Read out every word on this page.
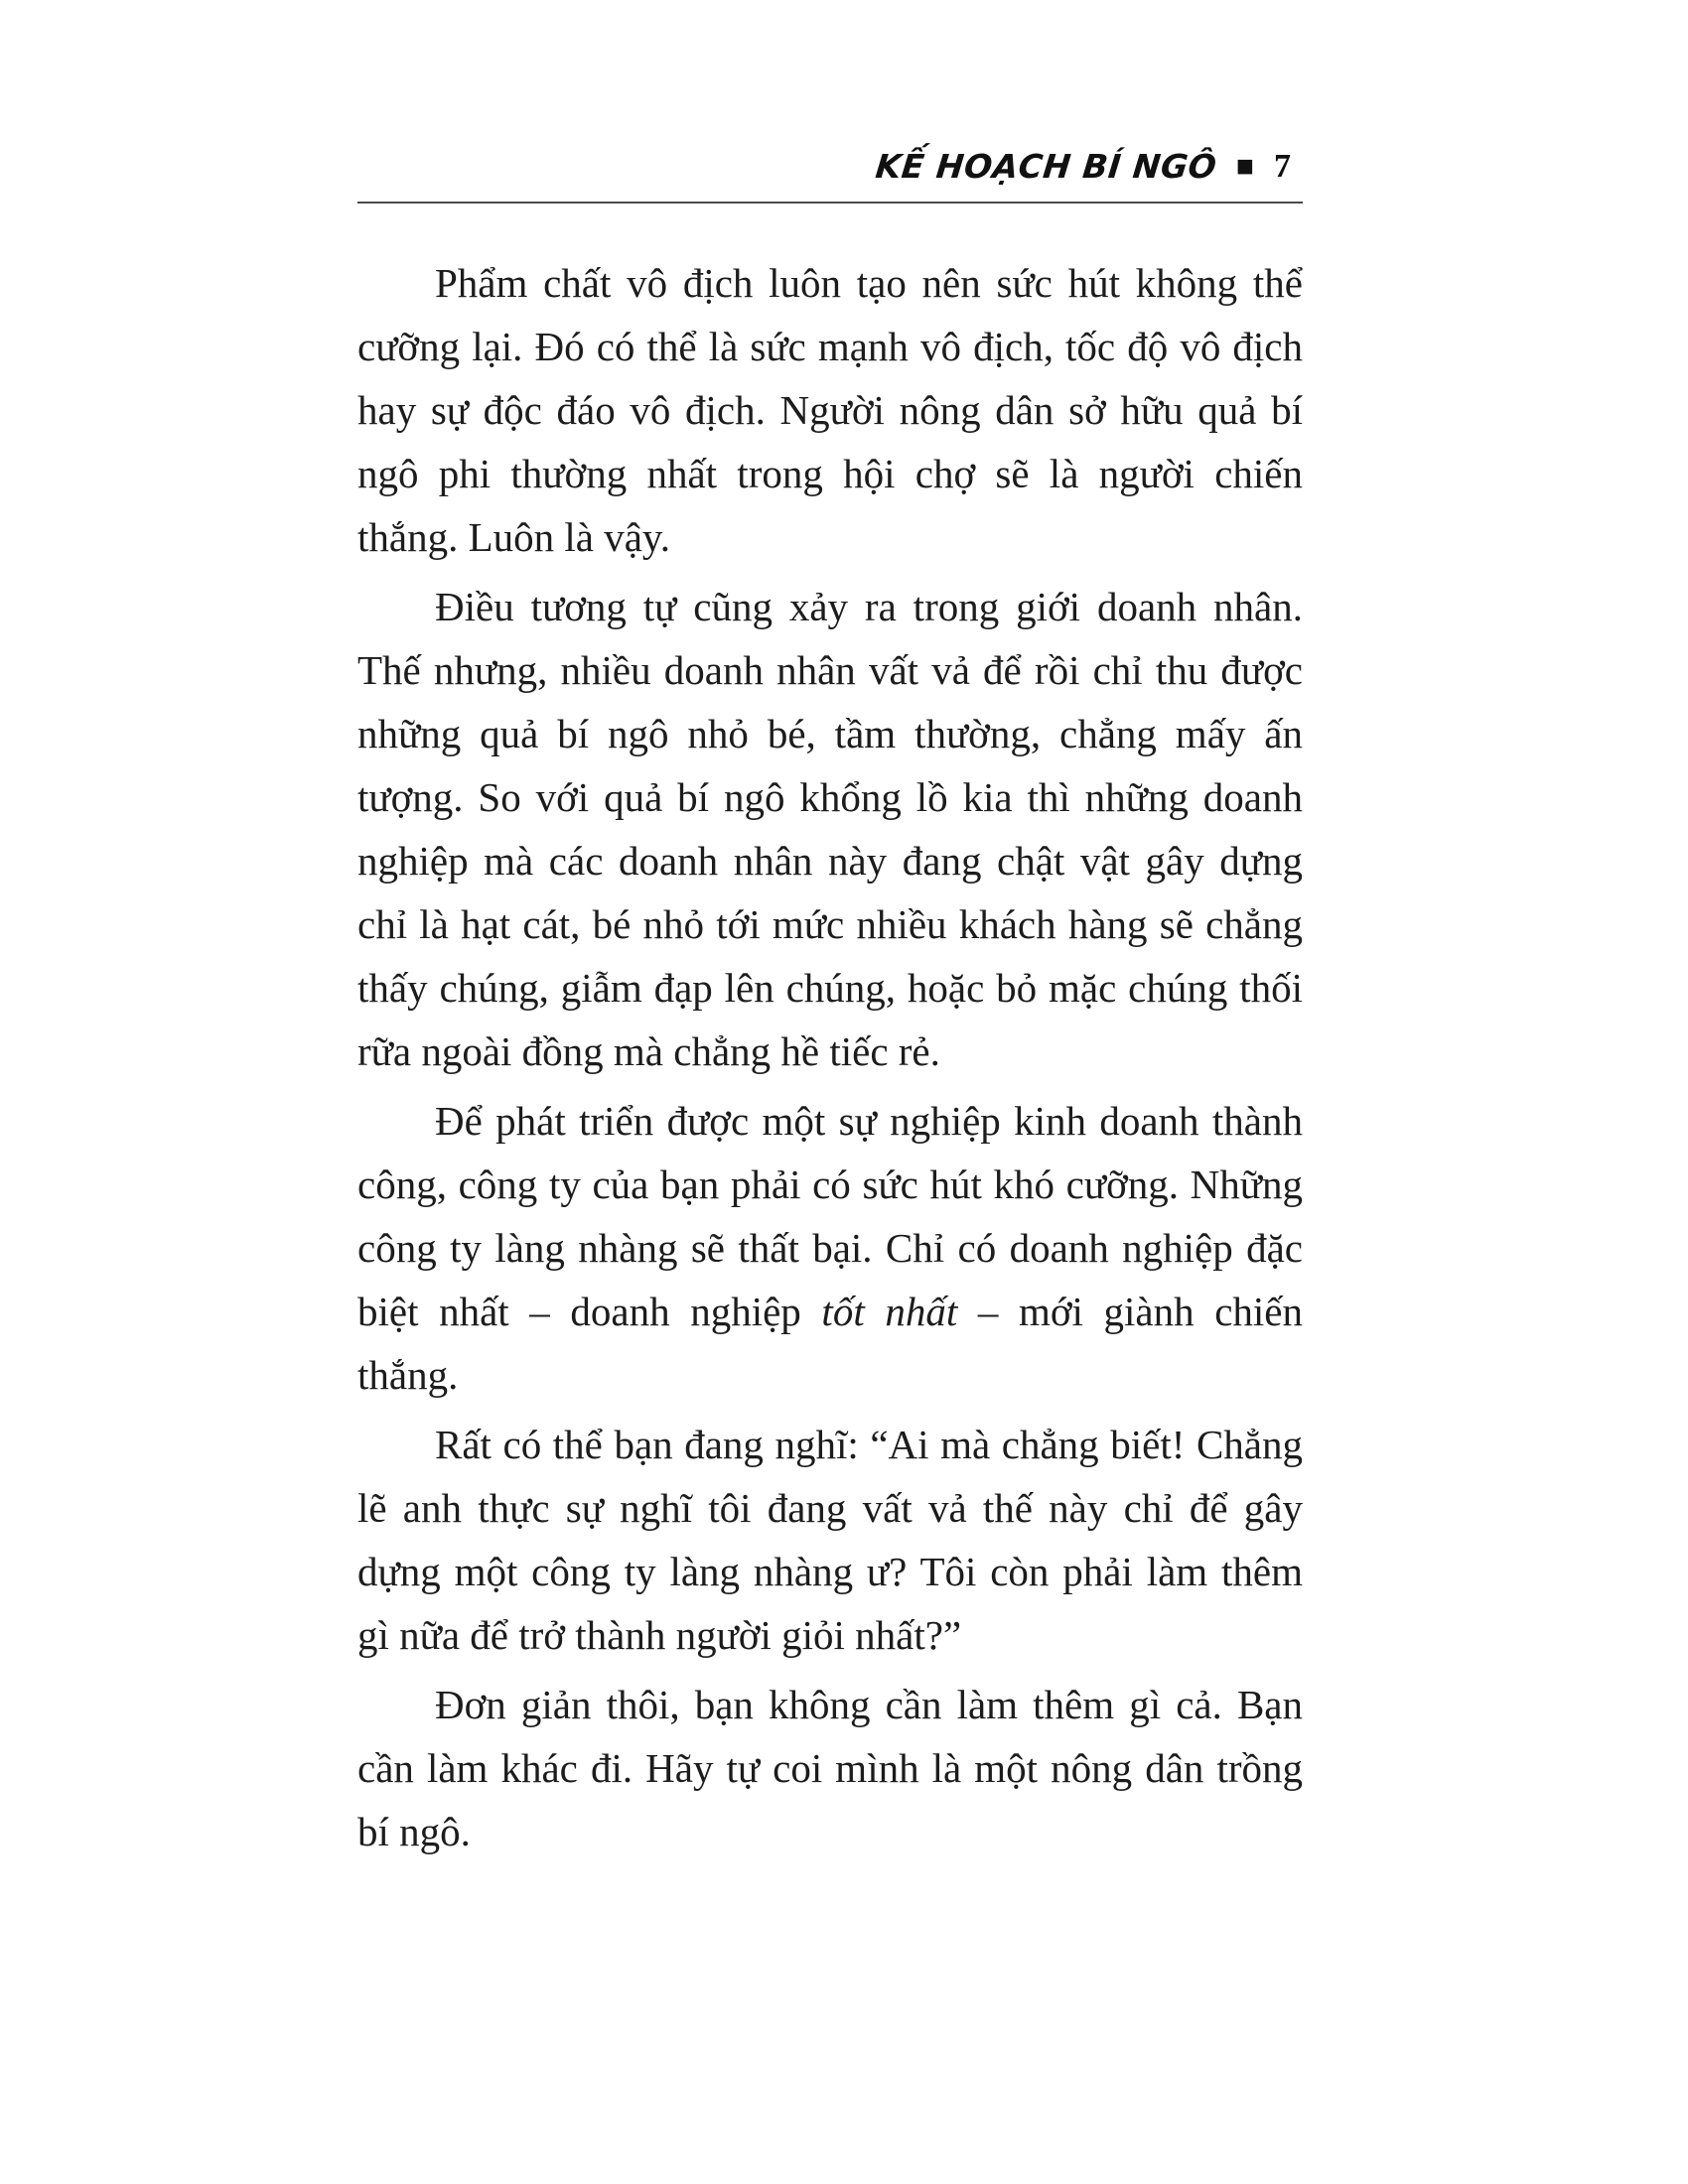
KẾ HOẠCH BÍ NGÔ ■ 7

Phẩm chất vô địch luôn tạo nên sức hút không thể cưỡng lại. Đó có thể là sức mạnh vô địch, tốc độ vô địch hay sự độc đáo vô địch. Người nông dân sở hữu quả bí ngô phi thường nhất trong hội chợ sẽ là người chiến thắng. Luôn là vậy.

Điều tương tự cũng xảy ra trong giới doanh nhân. Thế nhưng, nhiều doanh nhân vất vả để rồi chỉ thu được những quả bí ngô nhỏ bé, tầm thường, chẳng mấy ấn tượng. So với quả bí ngô khổng lồ kia thì những doanh nghiệp mà các doanh nhân này đang chật vật gây dựng chỉ là hạt cát, bé nhỏ tới mức nhiều khách hàng sẽ chẳng thấy chúng, giẫm đạp lên chúng, hoặc bỏ mặc chúng thối rữa ngoài đồng mà chẳng hề tiếc rẻ.

Để phát triển được một sự nghiệp kinh doanh thành công, công ty của bạn phải có sức hút khó cưỡng. Những công ty làng nhàng sẽ thất bại. Chỉ có doanh nghiệp đặc biệt nhất – doanh nghiệp tốt nhất – mới giành chiến thắng.

Rất có thể bạn đang nghĩ: “Ai mà chẳng biết! Chẳng lẽ anh thực sự nghĩ tôi đang vất vả thế này chỉ để gây dựng một công ty làng nhàng ư? Tôi còn phải làm thêm gì nữa để trở thành người giỏi nhất?”

Đơn giản thôi, bạn không cần làm thêm gì cả. Bạn cần làm khác đi. Hãy tự coi mình là một nông dân trồng bí ngô.
